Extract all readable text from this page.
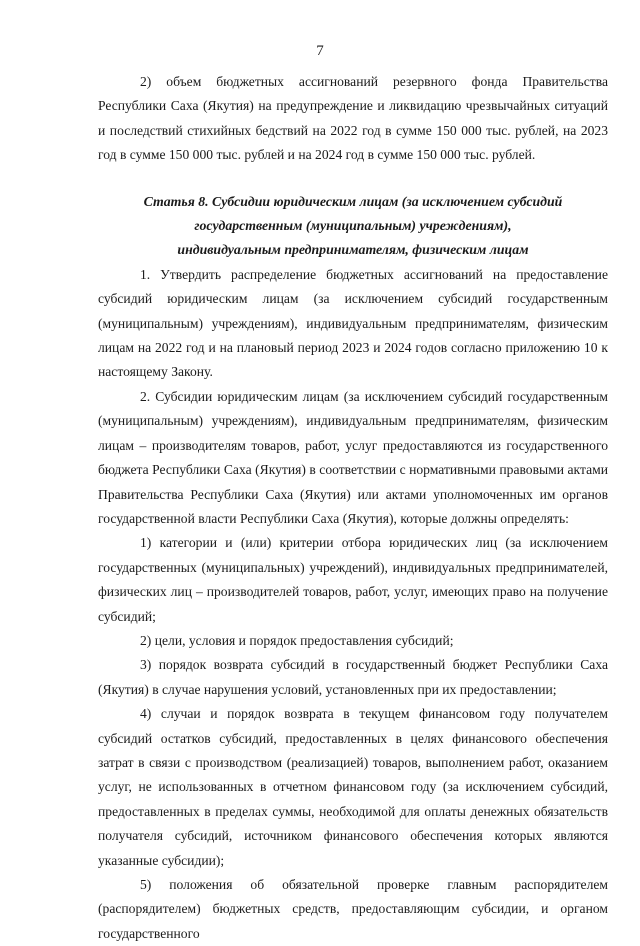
7

2) объем бюджетных ассигнований резервного фонда Правительства Республики Саха (Якутия) на предупреждение и ликвидацию чрезвычайных ситуаций и последствий стихийных бедствий на 2022 год в сумме 150 000 тыс. рублей, на 2023 год в сумме 150 000 тыс. рублей и на 2024 год в сумме 150 000 тыс. рублей.

Статья 8. Субсидии юридическим лицам (за исключением субсидий
государственным (муниципальным) учреждениям),
индивидуальным предпринимателям, физическим лицам

1. Утвердить распределение бюджетных ассигнований на предоставление субсидий юридическим лицам (за исключением субсидий государственным (муниципальным) учреждениям), индивидуальным предпринимателям, физическим лицам на 2022 год и на плановый период 2023 и 2024 годов согласно приложению 10 к настоящему Закону.

2. Субсидии юридическим лицам (за исключением субсидий государственным (муниципальным) учреждениям), индивидуальным предпринимателям, физическим лицам – производителям товаров, работ, услуг предоставляются из государственного бюджета Республики Саха (Якутия) в соответствии с нормативными правовыми актами Правительства Республики Саха (Якутия) или актами уполномоченных им органов государственной власти Республики Саха (Якутия), которые должны определять:

1) категории и (или) критерии отбора юридических лиц (за исключением государственных (муниципальных) учреждений), индивидуальных предпринимателей, физических лиц – производителей товаров, работ, услуг, имеющих право на получение субсидий;

2) цели, условия и порядок предоставления субсидий;

3) порядок возврата субсидий в государственный бюджет Республики Саха (Якутия) в случае нарушения условий, установленных при их предоставлении;

4) случаи и порядок возврата в текущем финансовом году получателем субсидий остатков субсидий, предоставленных в целях финансового обеспечения затрат в связи с производством (реализацией) товаров, выполнением работ, оказанием услуг, не использованных в отчетном финансовом году (за исключением субсидий, предоставленных в пределах суммы, необходимой для оплаты денежных обязательств получателя субсидий, источником финансового обеспечения которых являются указанные субсидии);

5) положения об обязательной проверке главным распорядителем (распорядителем) бюджетных средств, предоставляющим субсидии, и органом государственного
